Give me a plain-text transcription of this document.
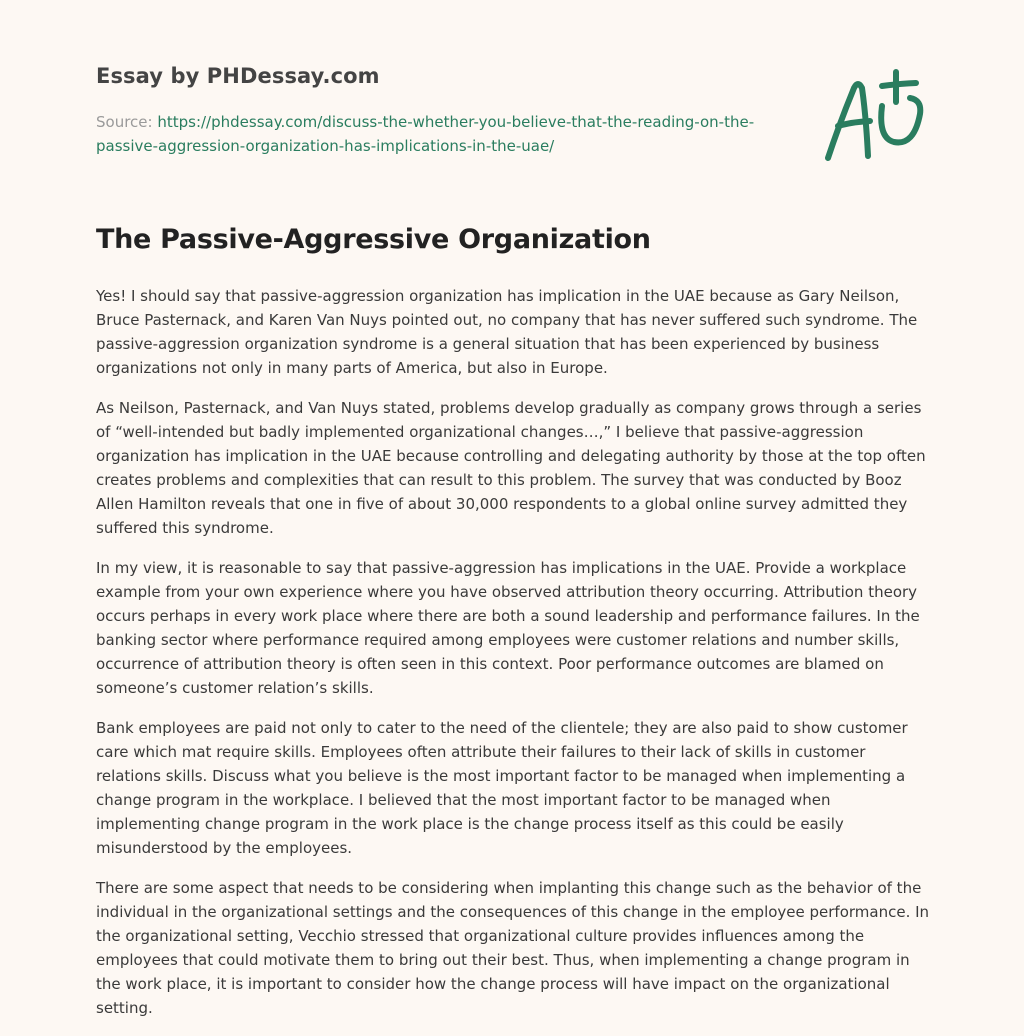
Essay by PHDessay.com

Source: https://phdessay.com/discuss-the-whether-you-believe-that-the-reading-on-the-passive-aggression-organization-has-implications-in-the-uae/

The Passive-Aggressive Organization

Yes! I should say that passive-aggression organization has implication in the UAE because as Gary Neilson, Bruce Pasternack, and Karen Van Nuys pointed out, no company that has never suffered such syndrome. The passive-aggression organization syndrome is a general situation that has been experienced by business organizations not only in many parts of America, but also in Europe.

As Neilson, Pasternack, and Van Nuys stated, problems develop gradually as company grows through a series of “well-intended but badly implemented organizational changes…,” I believe that passive-aggression organization has implication in the UAE because controlling and delegating authority by those at the top often creates problems and complexities that can result to this problem. The survey that was conducted by Booz Allen Hamilton reveals that one in five of about 30,000 respondents to a global online survey admitted they suffered this syndrome.

In my view, it is reasonable to say that passive-aggression has implications in the UAE. Provide a workplace example from your own experience where you have observed attribution theory occurring. Attribution theory occurs perhaps in every work place where there are both a sound leadership and performance failures. In the banking sector where performance required among employees were customer relations and number skills, occurrence of attribution theory is often seen in this context. Poor performance outcomes are blamed on someone’s customer relation’s skills.

Bank employees are paid not only to cater to the need of the clientele; they are also paid to show customer care which mat require skills. Employees often attribute their failures to their lack of skills in customer relations skills. Discuss what you believe is the most important factor to be managed when implementing a change program in the workplace. I believed that the most important factor to be managed when implementing change program in the work place is the change process itself as this could be easily misunderstood by the employees.

There are some aspect that needs to be considering when implanting this change such as the behavior of the individual in the organizational settings and the consequences of this change in the employee performance. In the organizational setting, Vecchio stressed that organizational culture provides influences among the employees that could motivate them to bring out their best. Thus, when implementing a change program in the work place, it is important to consider how the change process will have impact on the organizational setting.
